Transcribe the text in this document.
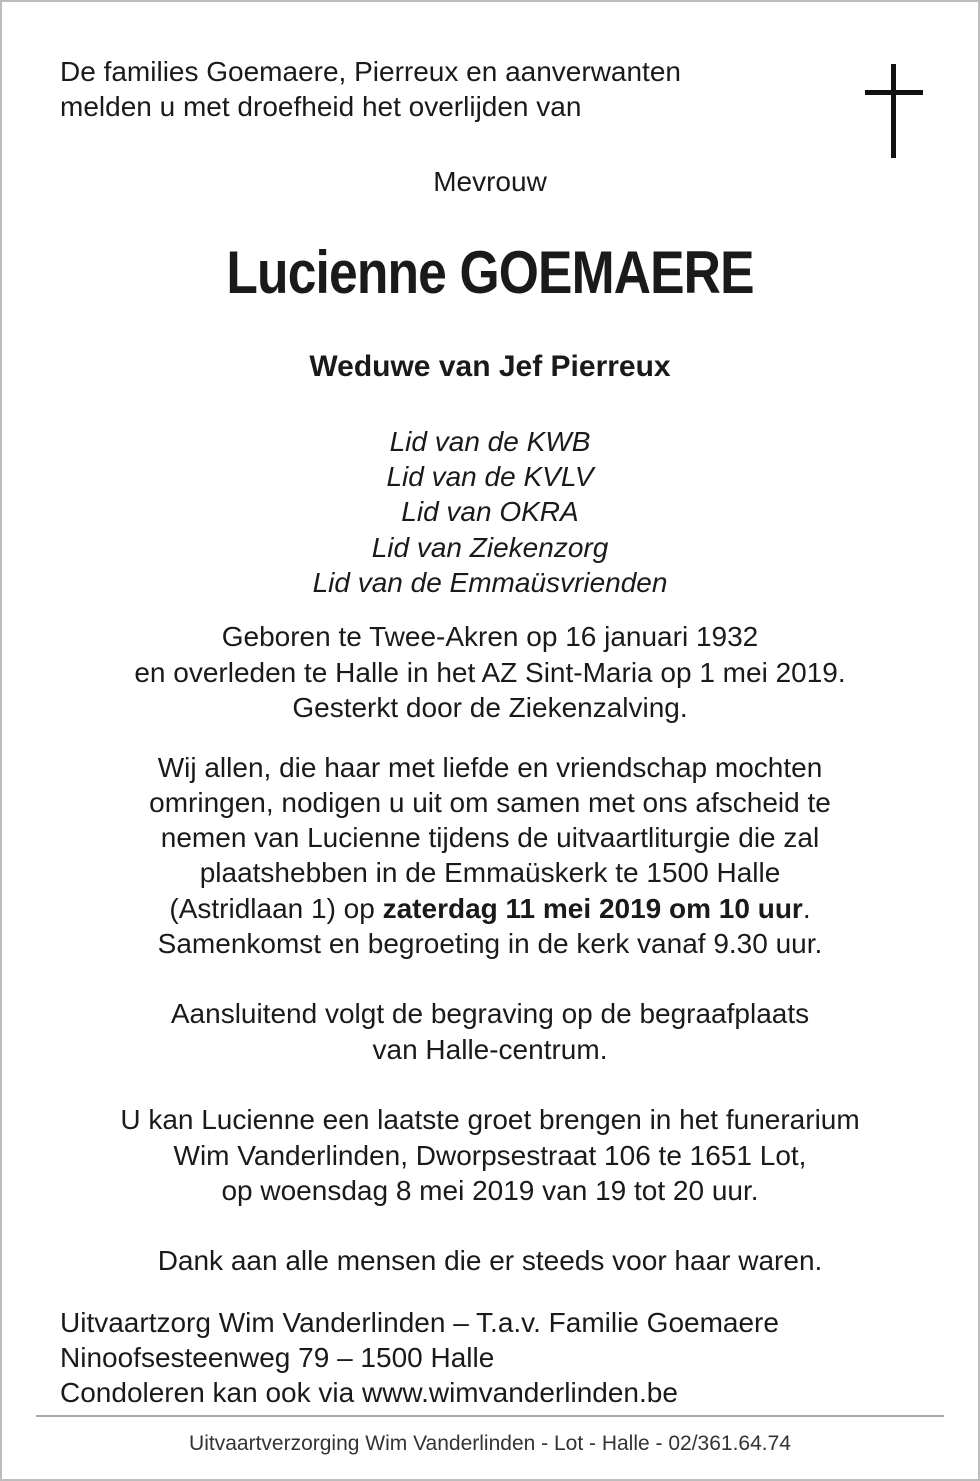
De families Goemaere, Pierreux en aanverwanten
melden u met droefheid het overlijden van
Mevrouw
Lucienne GOEMAERE
Weduwe van Jef Pierreux
Lid van de KWB
Lid van de KVLV
Lid van OKRA
Lid van Ziekenzorg
Lid van de Emmaüsvrienden
Geboren te Twee-Akren op 16 januari 1932
en overleden te Halle in het AZ Sint-Maria op 1 mei 2019.
Gesterkt door de Ziekenzalving.
Wij allen, die haar met liefde en vriendschap mochten
omringen, nodigen u uit om samen met ons afscheid te
nemen van Lucienne tijdens de uitvaartliturgie die zal
plaatshebben in de Emmaüskerk te 1500 Halle
(Astridlaan 1) op zaterdag 11 mei 2019 om 10 uur.
Samenkomst en begroeting in de kerk vanaf 9.30 uur.
Aansluitend volgt de begraving op de begraafplaats
van Halle-centrum.
U kan Lucienne een laatste groet brengen in het funerarium
Wim Vanderlinden, Dworpsestraat 106 te 1651 Lot,
op woensdag 8 mei 2019 van 19 tot 20 uur.
Dank aan alle mensen die er steeds voor haar waren.
Uitvaartzorg Wim Vanderlinden – T.a.v. Familie Goemaere
Ninoofsesteenweg 79 – 1500 Halle
Condoleren kan ook via www.wimvanderlinden.be
Uitvaartverzorging Wim Vanderlinden - Lot - Halle - 02/361.64.74
